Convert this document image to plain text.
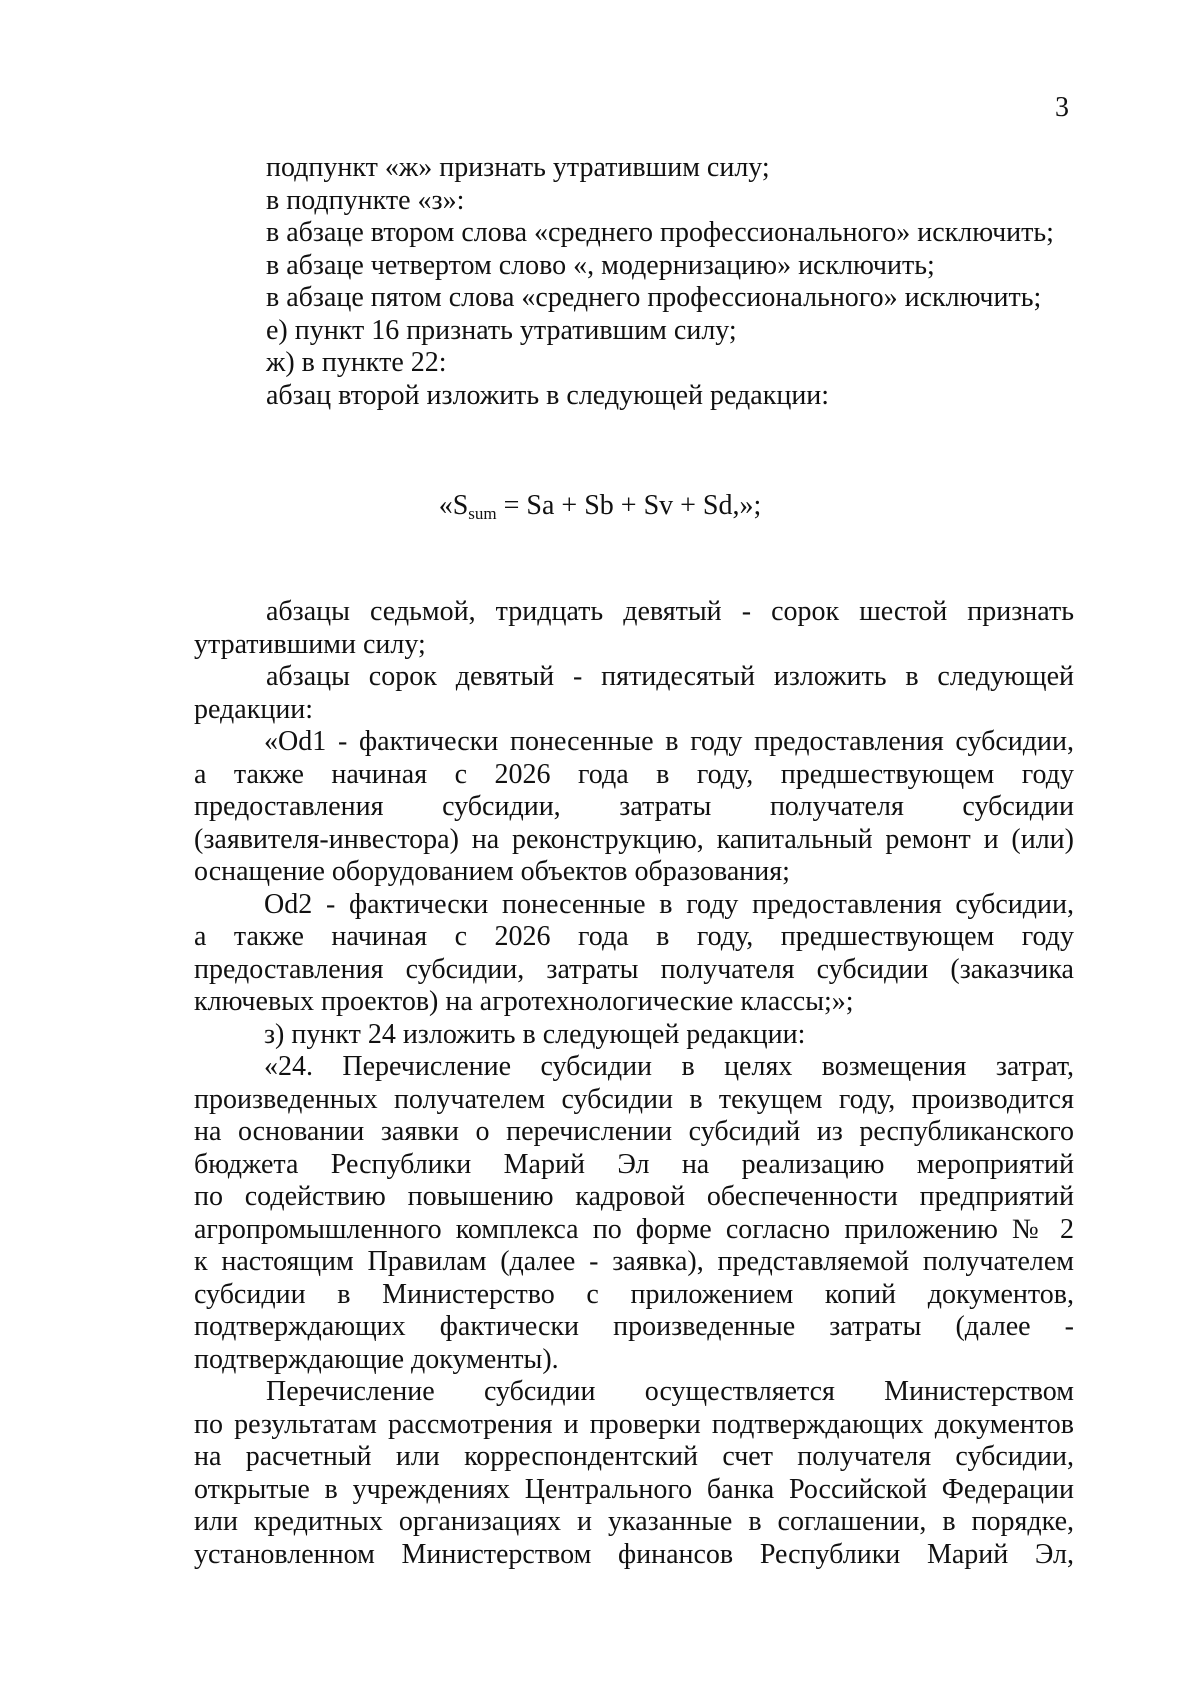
3

подпункт «ж» признать утратившим силу;

в подпункте «з»:

в абзаце втором слова «среднего профессионального» исключить;

в абзаце четвертом слово «, модернизацию» исключить;

в абзаце пятом слова «среднего профессионального» исключить;

е) пункт 16 признать утратившим силу;

ж) в пункте 22:

абзац второй изложить в следующей редакции:

«$S_{sum} = Sa + Sb + Sv + Sd$,»;

абзацы седьмой, тридцать девятый - сорок шестой признать

утратившими силу;

абзацы сорок девятый - пятидесятый изложить в следующей

редакции:

«Od1 - фактически понесенные в году предоставления субсидии,

а также начиная с 2026 года в году, предшествующем году

предоставления субсидии, затраты получателя субсидии

(заявителя-инвестора) на реконструкцию, капитальный ремонт и (или)

оснащение оборудованием объектов образования;

Od2 - фактически понесенные в году предоставления субсидии,

а также начиная с 2026 года в году, предшествующем году

предоставления субсидии, затраты получателя субсидии (заказчика

ключевых проектов) на агротехнологические классы;»;

з) пункт 24 изложить в следующей редакции:

«24. Перечисление субсидии в целях возмещения затрат,

произведенных получателем субсидии в текущем году, производится

на основании заявки о перечислении субсидий из республиканского

бюджета Республики Марий Эл на реализацию мероприятий

по содействию повышению кадровой обеспеченности предприятий

агропромышленного комплекса по форме согласно приложению № 2

к настоящим Правилам (далее - заявка), представляемой получателем

субсидии в Министерство с приложением копий документов,

подтверждающих фактически произведенные затраты (далее -

подтверждающие документы).

Перечисление субсидии осуществляется Министерством

по результатам рассмотрения и проверки подтверждающих документов

на расчетный или корреспондентский счет получателя субсидии,

открытые в учреждениях Центрального банка Российской Федерации

или кредитных организациях и указанные в соглашении, в порядке,

установленном Министерством финансов Республики Марий Эл,
